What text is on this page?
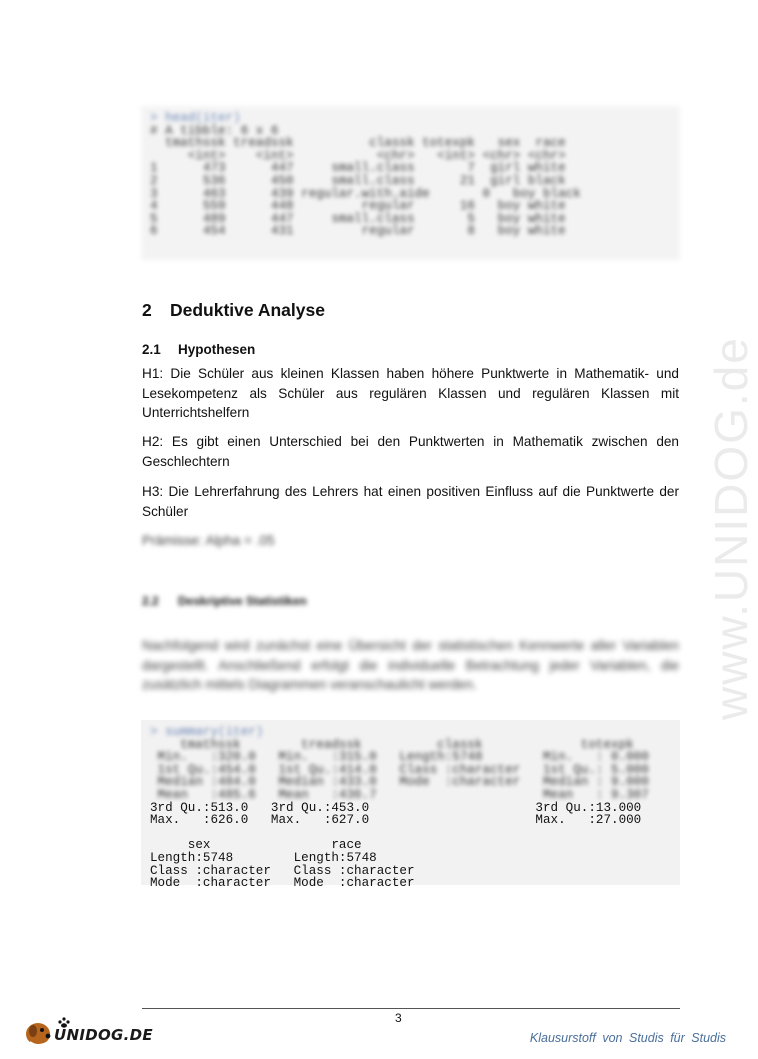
www.UNIDOG.de
> head(iter)
# A tibble: 6 x 6
tmathssk treadssk          classk totexpk   sex  race
<int>    <int>           <chr>   <int> <chr> <chr>
1      473      447     small.class       7  girl white
2      536      450     small.class      21  girl black
3      463      439 regular.with.aide       0   boy black
4      559      448         regular      16   boy white
5      489      447     small.class       5   boy white
6      454      431         regular       8   boy white
2 Deduktive Analyse
2.1 Hypothesen

H1: Die Schüler aus kleinen Klassen haben höhere Punktwerte in Mathematik- und Lesekompetenz als Schüler aus regulären Klassen und regulären Klassen mit Unterrichtshelfern

H2: Es gibt einen Unterschied bei den Punktwerten in Mathematik zwischen den Geschlechtern

H3: Die Lehrerfahrung des Lehrers hat einen positiven Einfluss auf die Punktwerte der Schüler

Prämisse: Alpha = .05

2.2 Deskriptive Statistiken

Nachfolgend wird zunächst eine Übersicht der statistischen Kennwerte aller Variablen dargestellt. Anschließend erfolgt die individuelle Betrachtung jeder Variablen, die zusätzlich mittels Diagrammen veranschaulicht werden.

> summary(iter)
tmathssk        treadssk          classk             totexpk
Min.   :320.0   Min.   :315.0   Length:5748        Min.   : 0.000
1st Qu.:454.0   1st Qu.:414.0   Class :character   1st Qu.: 5.000
Median :484.0   Median :433.0   Mode  :character   Median : 9.000
Mean   :485.6   Mean   :436.7                      Mean   : 9.307
3rd Qu.:513.0   3rd Qu.:453.0                      3rd Qu.:13.000
Max.   :626.0   Max.   :627.0                      Max.   :27.000

sex                race
Length:5748        Length:5748
Class :character   Class :character
Mode  :character   Mode  :character
3
UNIDOG.DE	Klausurstoff von Studis für Studis
